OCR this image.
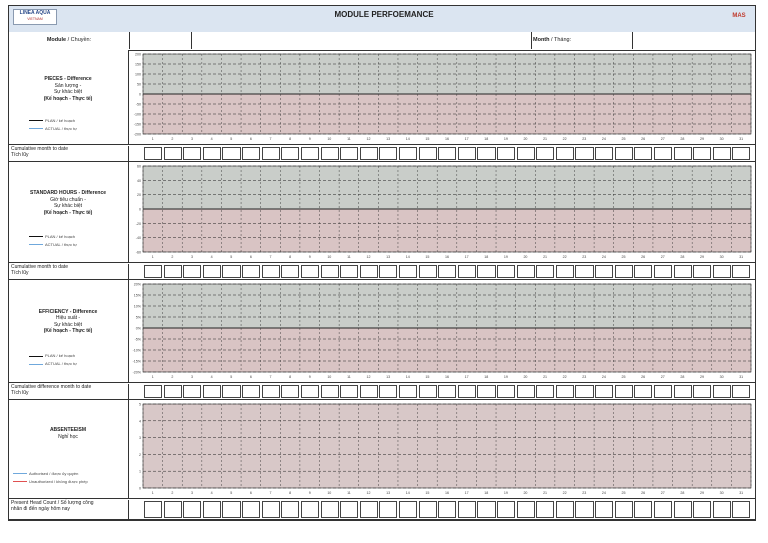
LINEA AQUA
VIETNAM	MODULE PERFOEMANCE	MAS
Module / Chuyền:	Month / Tháng:
PIECES - Difference
Sản lượng -
Sự khác biệt
(Kế hoạch - Thực tế)
PLAN / kế hoạch
ACTUAL / thực tự
200
150
100
50
0
-50
-100
-150
-200
1	2	3	4	5	6	7	8	9	10	11	12	13	14	15	16	17	18	19	20	21	22	23	24	25	26	27	28	29	30	31
Cumulative month to date
Tích lũy
STANDARD HOURS - Difference
Giờ tiêu chuẩn -
Sự khác biệt
(Kế hoạch - Thực tế)
PLAN / kế hoạch
ACTUAL / thực tự
60
40
20
0
-20
-40
-60
1	2	3	4	5	6	7	8	9	10	11	12	13	14	15	16	17	18	19	20	21	22	23	24	25	26	27	28	29	30	31
Cumulative month to date
Tích lũy
EFFICIENCY - Difference
Hiệu suất -
Sự khác biệt
(Kế hoạch - Thực tế)
PLAN / kế hoạch
ACTUAL / thực tự
20%
15%
10%
5%
0%
-5%
-10%
-15%
-20%
1	2	3	4	5	6	7	8	9	10	11	12	13	14	15	16	17	18	19	20	21	22	23	24	25	26	27	28	29	30	31
Cumulative difference month to date
Tích lũy
ABSENTEEISM
Nghỉ học
Authorised / được ủy quyền
Unauthorized / không được phép
5
4
3
2
1
0
1	2	3	4	5	6	7	8	9	10	11	12	13	14	15	16	17	18	19	20	21	22	23	24	25	26	27	28	29	30	31
Present Head Count / Số lượng công
nhân đi đến ngày hôm nay
